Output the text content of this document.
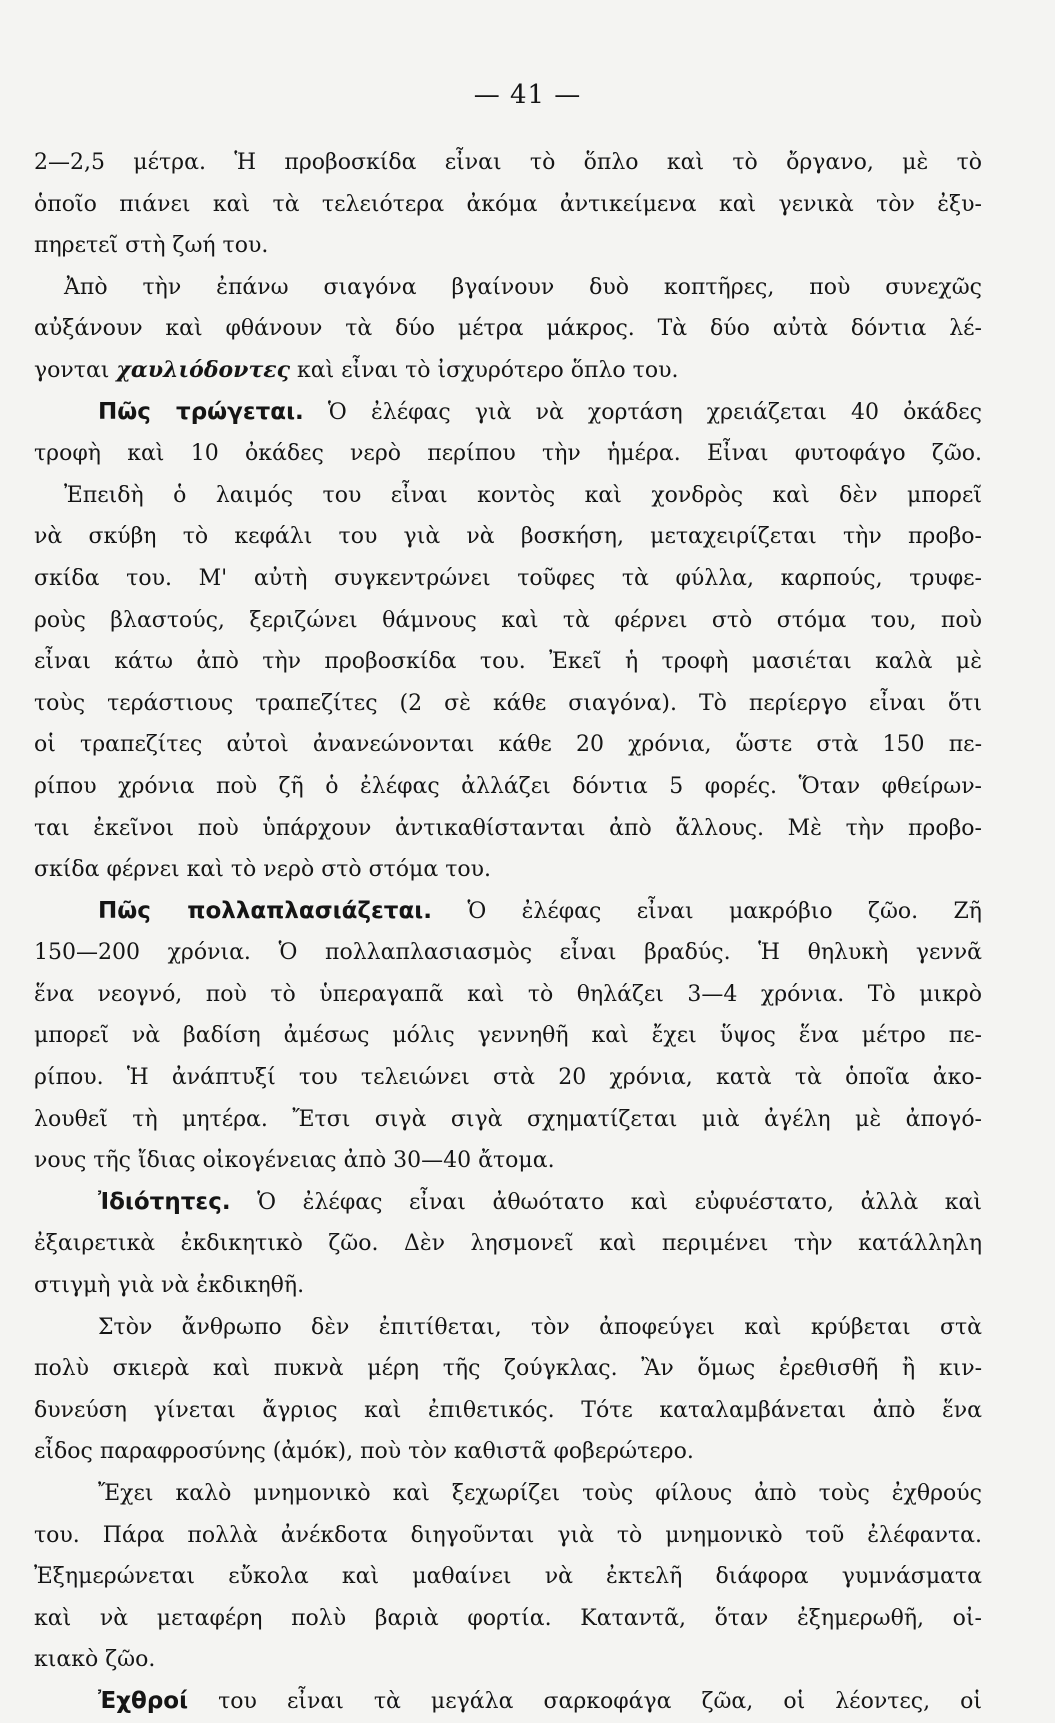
— 41 —
2—2,5 μέτρα. Ἡ προβοσκίδα εἶναι τὸ ὅπλο καὶ τὸ ὄργανο, μὲ τὸ
ὁποῖο πιάνει καὶ τὰ τελειότερα ἀκόμα ἀντικείμενα καὶ γενικὰ τὸν ἐξυ-
πηρετεῖ στὴ ζωή του.
Ἀπὸ τὴν ἐπάνω σιαγόνα βγαίνουν δυὸ κοπτῆρες, ποὺ συνεχῶς
αὐξάνουν καὶ φθάνουν τὰ δύο μέτρα μάκρος. Τὰ δύο αὐτὰ δόντια λέ-
γονται χαυλιόδοντες καὶ εἶναι τὸ ἰσχυρότερο ὅπλο του.
Πῶς τρώγεται. Ὁ ἐλέφας γιὰ νὰ χορτάση χρειάζεται 40 ὀκάδες
τροφὴ καὶ 10 ὀκάδες νερὸ περίπου τὴν ἡμέρα. Εἶναι φυτοφάγο ζῶο.
Ἐπειδὴ ὁ λαιμός του εἶναι κοντὸς καὶ χονδρὸς καὶ δὲν μπορεῖ
νὰ σκύβη τὸ κεφάλι του γιὰ νὰ βοσκήση, μεταχειρίζεται τὴν προβο-
σκίδα του. Μ' αὐτὴ συγκεντρώνει τοῦφες τὰ φύλλα, καρπούς, τρυφε-
ροὺς βλαστούς, ξεριζώνει θάμνους καὶ τὰ φέρνει στὸ στόμα του, ποὺ
εἶναι κάτω ἀπὸ τὴν προβοσκίδα του. Ἐκεῖ ἡ τροφὴ μασιέται καλὰ μὲ
τοὺς τεράστιους τραπεζίτες (2 σὲ κάθε σιαγόνα). Τὸ περίεργο εἶναι ὅτι
οἱ τραπεζίτες αὐτοὶ ἀνανεώνονται κάθε 20 χρόνια, ὥστε στὰ 150 πε-
ρίπου χρόνια ποὺ ζῆ ὁ ἐλέφας ἀλλάζει δόντια 5 φορές. Ὅταν φθείρων-
ται ἐκεῖνοι ποὺ ὑπάρχουν ἀντικαθίστανται ἀπὸ ἄλλους. Μὲ τὴν προβο-
σκίδα φέρνει καὶ τὸ νερὸ στὸ στόμα του.
Πῶς πολλαπλασιάζεται. Ὁ ἐλέφας εἶναι μακρόβιο ζῶο. Ζῆ
150—200 χρόνια. Ὁ πολλαπλασιασμὸς εἶναι βραδύς. Ἡ θηλυκὴ γεννᾶ
ἕνα νεογνό, ποὺ τὸ ὑπεραγαπᾶ καὶ τὸ θηλάζει 3—4 χρόνια. Τὸ μικρὸ
μπορεῖ νὰ βαδίση ἀμέσως μόλις γεννηθῆ καὶ ἔχει ὕψος ἕνα μέτρο πε-
ρίπου. Ἡ ἀνάπτυξί του τελειώνει στὰ 20 χρόνια, κατὰ τὰ ὁποῖα ἀκο-
λουθεῖ τὴ μητέρα. Ἔτσι σιγὰ σιγὰ σχηματίζεται μιὰ ἀγέλη μὲ ἀπογό-
νους τῆς ἴδιας οἰκογένειας ἀπὸ 30—40 ἄτομα.
Ἰδιότητες. Ὁ ἐλέφας εἶναι ἀθωότατο καὶ εὐφυέστατο, ἀλλὰ καὶ
ἐξαιρετικὰ ἐκδικητικὸ ζῶο. Δὲν λησμονεῖ καὶ περιμένει τὴν κατάλληλη
στιγμὴ γιὰ νὰ ἐκδικηθῆ.
Στὸν ἄνθρωπο δὲν ἐπιτίθεται, τὸν ἀποφεύγει καὶ κρύβεται στὰ
πολὺ σκιερὰ καὶ πυκνὰ μέρη τῆς ζούγκλας. Ἂν ὅμως ἐρεθισθῆ ἢ κιν-
δυνεύση γίνεται ἄγριος καὶ ἐπιθετικός. Τότε καταλαμβάνεται ἀπὸ ἕνα
εἶδος παραφροσύνης (ἀμόκ), ποὺ τὸν καθιστᾶ φοβερώτερο.
Ἔχει καλὸ μνημονικὸ καὶ ξεχωρίζει τοὺς φίλους ἀπὸ τοὺς ἐχθρούς
του. Πάρα πολλὰ ἀνέκδοτα διηγοῦνται γιὰ τὸ μνημονικὸ τοῦ ἐλέφαντα.
Ἐξημερώνεται εὔκολα καὶ μαθαίνει νὰ ἐκτελῆ διάφορα γυμνάσματα
καὶ νὰ μεταφέρη πολὺ βαριὰ φορτία. Καταντᾶ, ὅταν ἐξημερωθῆ, οἰ-
κιακὸ ζῶο.
Ἐχθροί του εἶναι τὰ μεγάλα σαρκοφάγα ζῶα, οἱ λέοντες, οἱ
